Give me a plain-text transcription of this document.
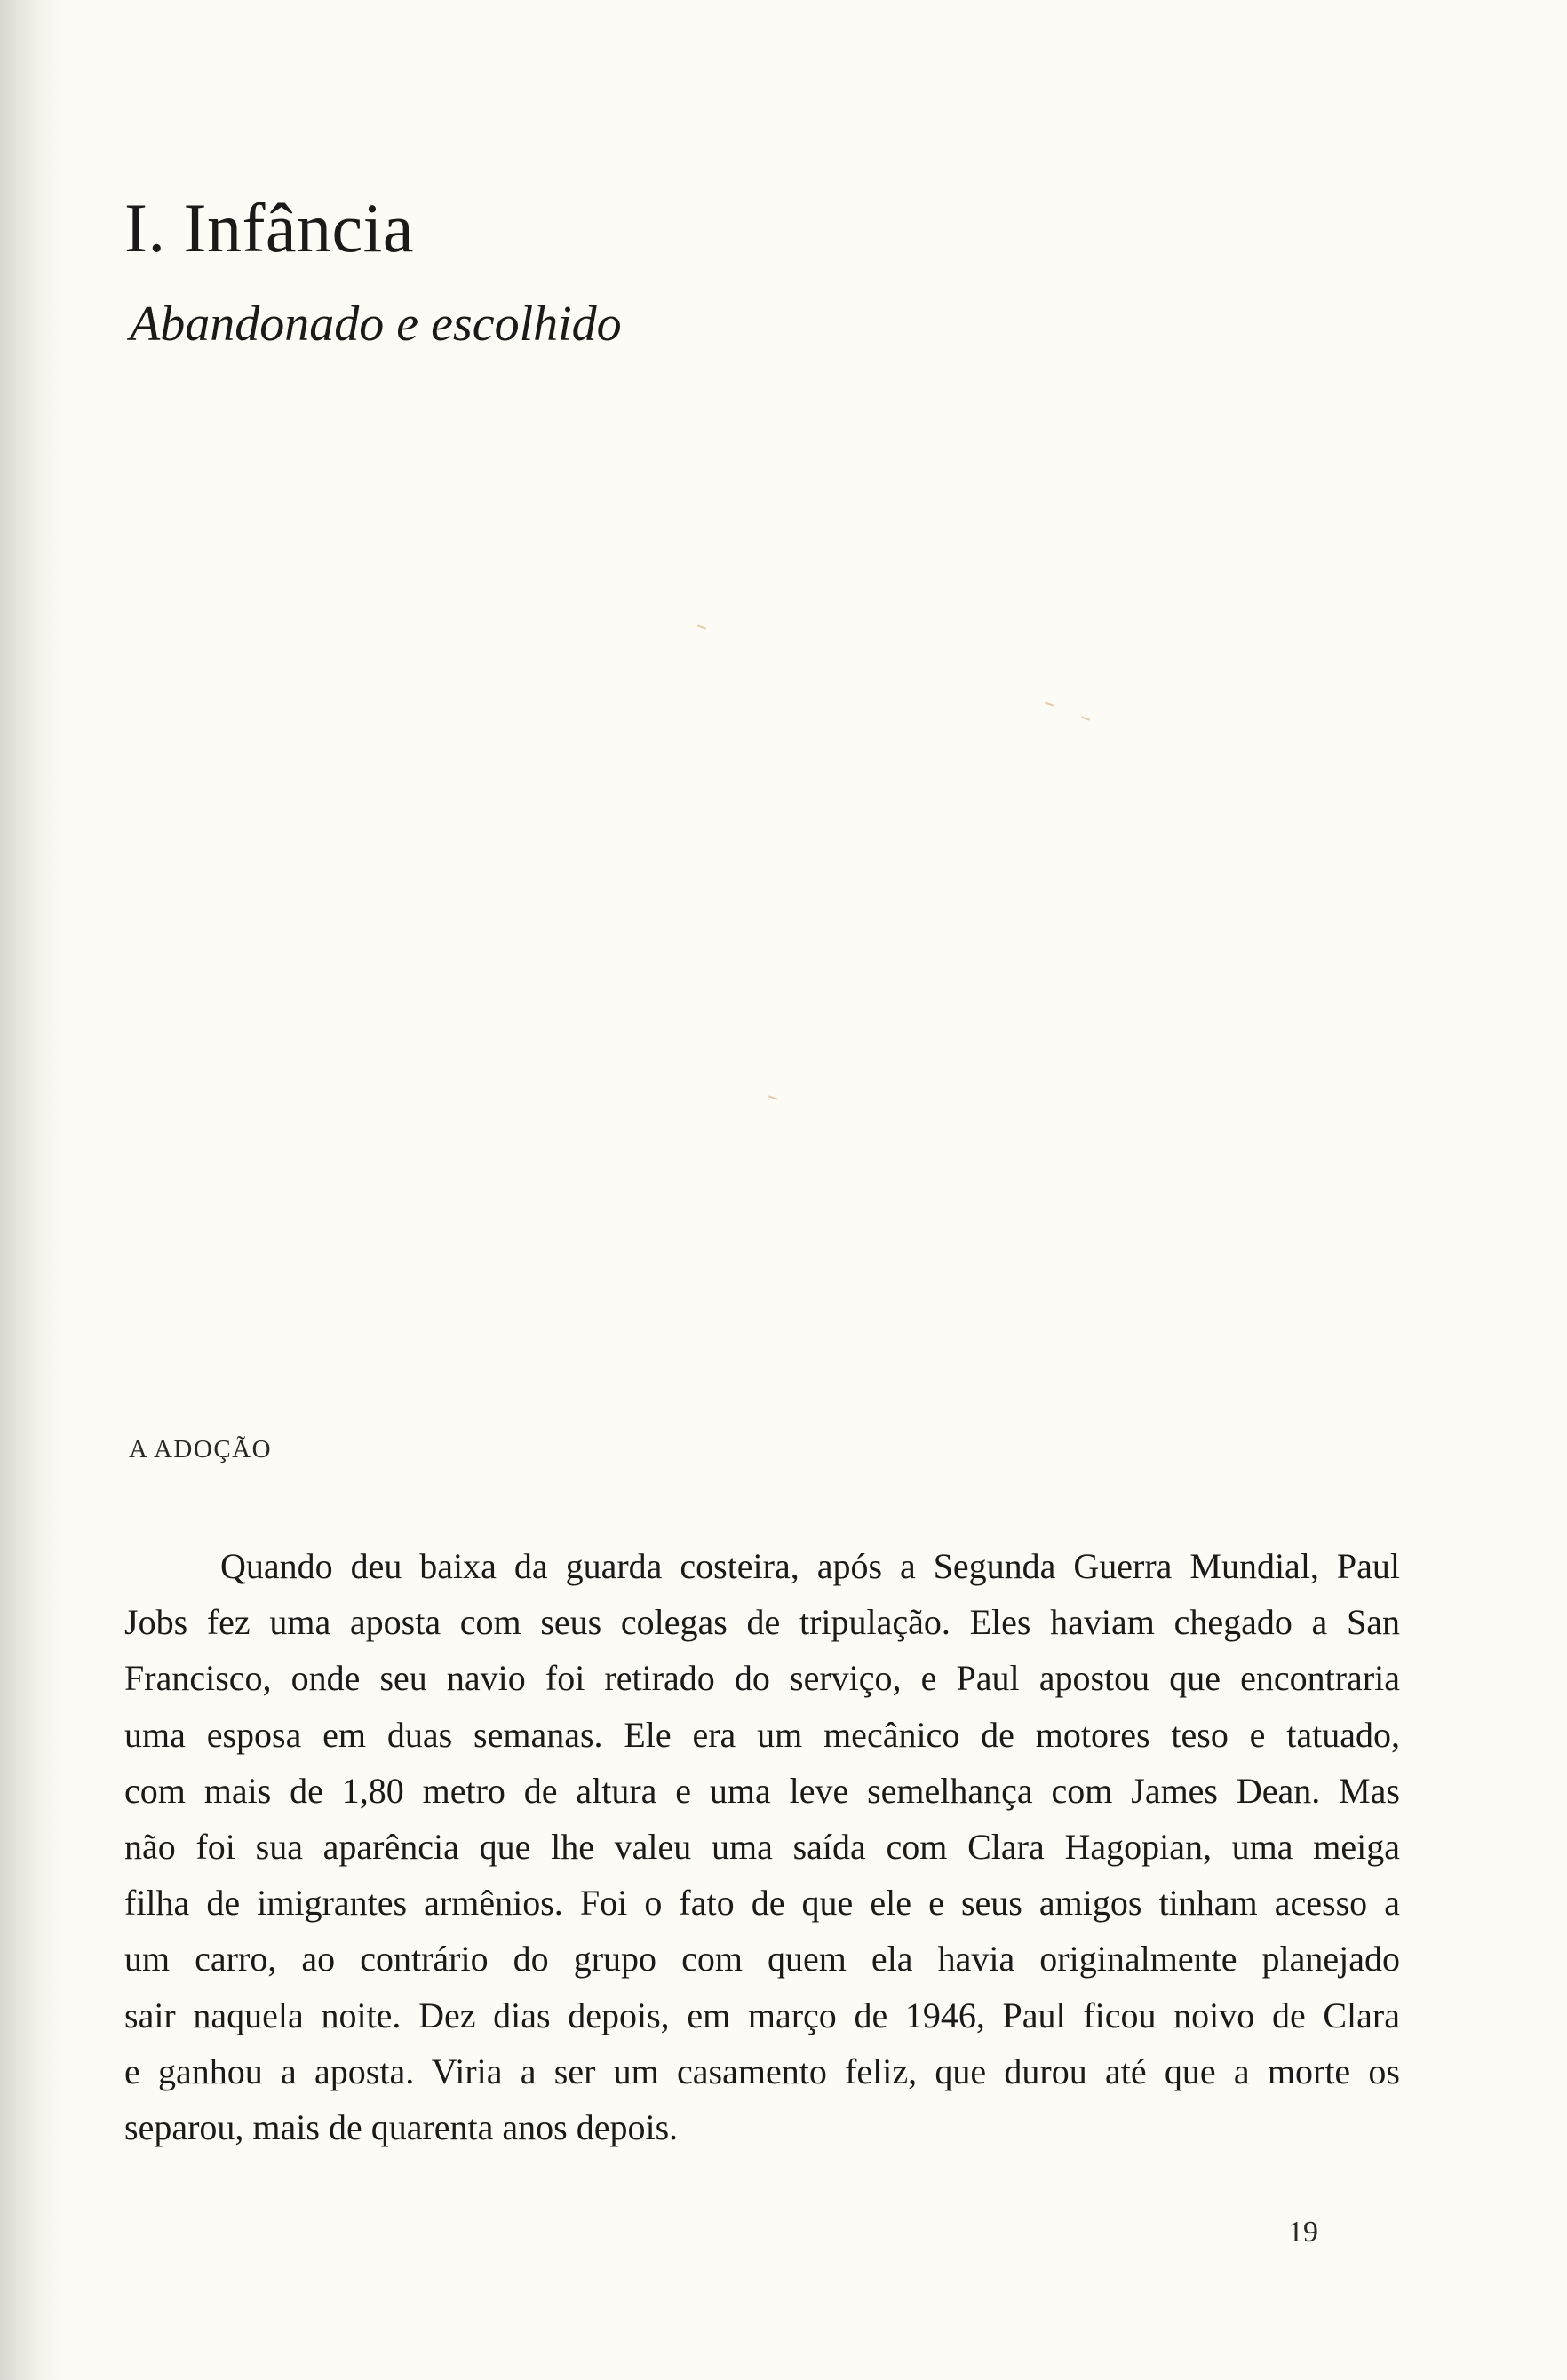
I. Infância
Abandonado e escolhido
A ADOÇÃO
Quando deu baixa da guarda costeira, após a Segunda Guerra Mundial, Paul
Jobs fez uma aposta com seus colegas de tripulação. Eles haviam chegado a San
Francisco, onde seu navio foi retirado do serviço, e Paul apostou que encontraria
uma esposa em duas semanas. Ele era um mecânico de motores teso e tatuado,
com mais de 1,80 metro de altura e uma leve semelhança com James Dean. Mas
não foi sua aparência que lhe valeu uma saída com Clara Hagopian, uma meiga
filha de imigrantes armênios. Foi o fato de que ele e seus amigos tinham acesso a
um carro, ao contrário do grupo com quem ela havia originalmente planejado
sair naquela noite. Dez dias depois, em março de 1946, Paul ficou noivo de Clara
e ganhou a aposta. Viria a ser um casamento feliz, que durou até que a morte os
separou, mais de quarenta anos depois.
19
